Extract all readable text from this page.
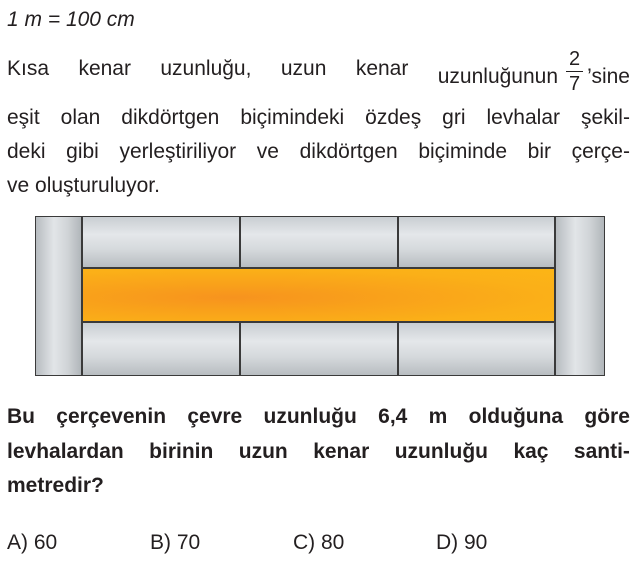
1 m = 100 cm
Kısa kenar uzunluğu, uzun kenar uzunluğunun $\frac{2}{7}$ ’sine
eşit olan dikdörtgen biçimindeki özdeş gri levhalar şekil-
deki gibi yerleştiriliyor ve dikdörtgen biçiminde bir çerçe-
ve oluşturuluyor.
Bu çerçevenin çevre uzunluğu 6,4 m olduğuna göre
levhalardan birinin uzun kenar uzunluğu kaç santi-
metredir?
A) 60	B) 70	C) 80	D) 90
